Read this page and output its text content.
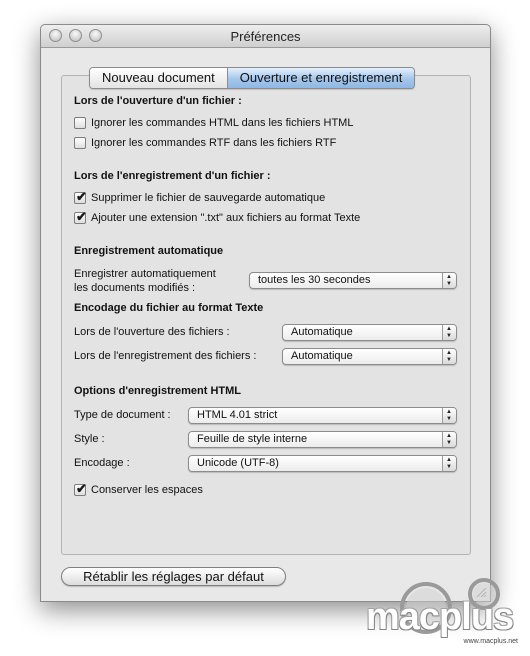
Préférences
Lors de l'ouverture d'un fichier :
Ignorer les commandes HTML dans les fichiers HTML
Ignorer les commandes RTF dans les fichiers RTF
Lors de l'enregistrement d'un fichier :
✔ Supprimer le fichier de sauvegarde automatique
✔ Ajouter une extension ".txt" aux fichiers au format Texte
Enregistrement automatique
Enregistrer automatiquement
les documents modifiés :
toutes les 30 secondes	▲
▼
Encodage du fichier au format Texte
Lors de l'ouverture des fichiers :	Automatique	▲
▼
Lors de l'enregistrement des fichiers :	Automatique	▲
▼
Options d'enregistrement HTML
Type de document : HTML 4.01 strict	▲
▼
Style :	Feuille de style interne	▲
▼
Encodage :	Unicode (UTF-8)	▲
▼
✔ Conserver les espaces
Nouveau document	Ouverture et enregistrement
Rétablir les réglages par défaut
macplus
www.macplus.net
